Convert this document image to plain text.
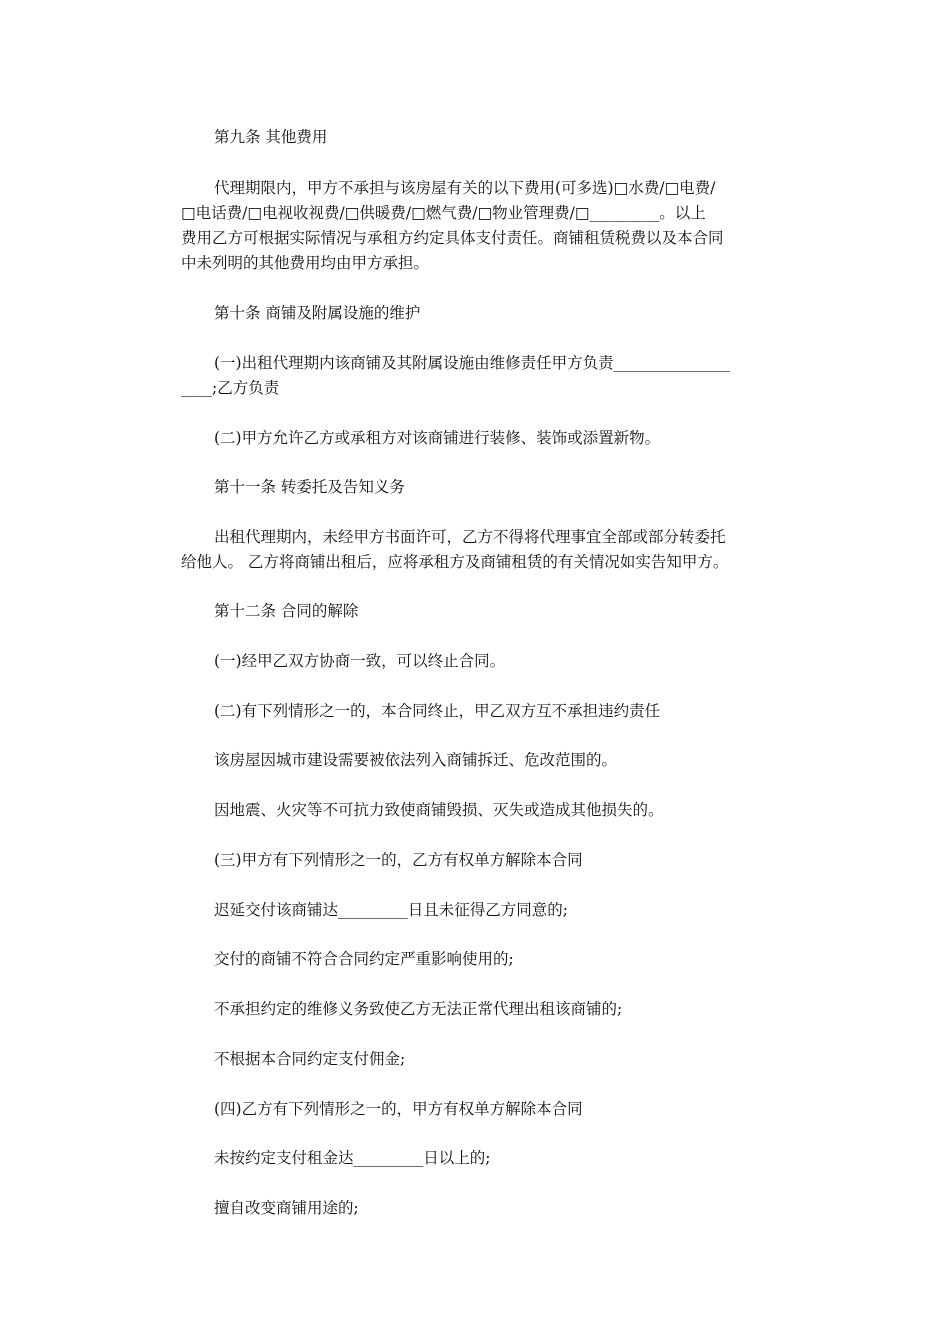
第九条 其他费用

代理期限内，甲方不承担与该房屋有关的以下费用(可多选)□水费/□电费/

□电话费/□电视收视费/□供暖费/□燃气费/□物业管理费/□_________。以上

费用乙方可根据实际情况与承租方约定具体支付责任。商铺租赁税费以及本合同

中未列明的其他费用均由甲方承担。

第十条 商铺及附属设施的维护

(一)出租代理期内该商铺及其附属设施由维修责任甲方负责_______________

____;乙方负责

(二)甲方允许乙方或承租方对该商铺进行装修、装饰或添置新物。

第十一条 转委托及告知义务

出租代理期内，未经甲方书面许可，乙方不得将代理事宜全部或部分转委托

给他人。 乙方将商铺出租后，应将承租方及商铺租赁的有关情况如实告知甲方。

第十二条 合同的解除

(一)经甲乙双方协商一致，可以终止合同。

(二)有下列情形之一的，本合同终止，甲乙双方互不承担违约责任

该房屋因城市建设需要被依法列入商铺拆迁、危改范围的。

因地震、火灾等不可抗力致使商铺毁损、灭失或造成其他损失的。

(三)甲方有下列情形之一的，乙方有权单方解除本合同

迟延交付该商铺达_________日且未征得乙方同意的;

交付的商铺不符合合同约定严重影响使用的;

不承担约定的维修义务致使乙方无法正常代理出租该商铺的;

不根据本合同约定支付佣金;

(四)乙方有下列情形之一的，甲方有权单方解除本合同

未按约定支付租金达_________日以上的;

擅自改变商铺用途的;
